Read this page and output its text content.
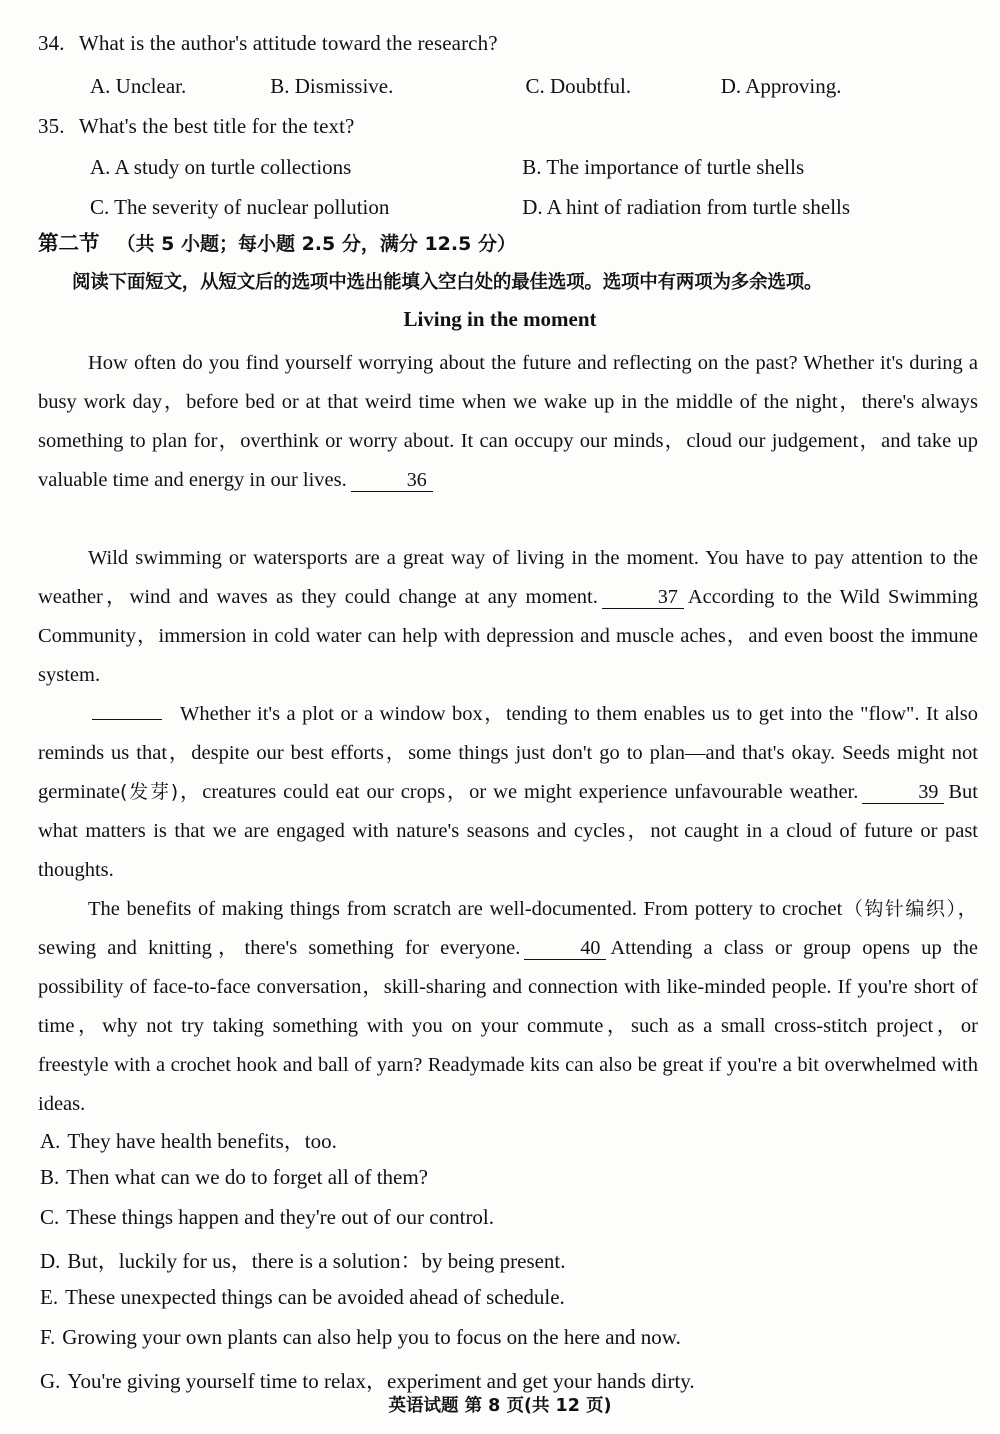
34. What is the author's attitude toward the research?
A. Unclear.	B. Dismissive.	C. Doubtful.	D. Approving.
35. What's the best title for the text?
A. A study on turtle collections	B. The importance of turtle shells
C. The severity of nuclear pollution	D. A hint of radiation from turtle shells
第二节 （共 5 小题；每小题 2.5 分，满分 12.5 分）
阅读下面短文，从短文后的选项中选出能填入空白处的最佳选项。选项中有两项为多余选项。
Living in the moment
How often do you find yourself worrying about the future and reflecting on the past? Whether it's during a busy work day，before bed or at that weird time when we wake up in the middle of the night，there's always something to plan for，overthink or worry about. It can occupy our minds，cloud our judgement，and take up valuable time and energy in our lives.	36
Wild swimming or watersports are a great way of living in the moment. You have to pay attention to the weather，wind and waves as they could change at any moment.	37 According to the Wild Swimming Community，immersion in cold water can help with depression and muscle aches，and even boost the immune system.
Whether it's a plot or a window box，tending to them enables us to get into the "flow". It also reminds us that，despite our best efforts，some things just don't go to plan—and that's okay. Seeds might not germinate(发芽)，creatures could eat our crops，or we might experience unfavourable weather.	39 But what matters is that we are engaged with nature's seasons and cycles，not caught in a cloud of future or past thoughts.
The benefits of making things from scratch are well-documented. From pottery to crochet（钩针编织），sewing and knitting，there's something for everyone.	40 Attending a class or group opens up the possibility of face-to-face conversation，skill-sharing and connection with like-minded people. If you're short of time，why not try taking something with you on your commute，such as a small cross-stitch project，or freestyle with a crochet hook and ball of yarn? Readymade kits can also be great if you're a bit overwhelmed with ideas.
A. They have health benefits，too.
B. Then what can we do to forget all of them?
C. These things happen and they're out of our control.
D. But，luckily for us，there is a solution：by being present.
E. These unexpected things can be avoided ahead of schedule.
F. Growing your own plants can also help you to focus on the here and now.
G. You're giving yourself time to relax，experiment and get your hands dirty.
英语试题 第 8 页(共 12 页)
